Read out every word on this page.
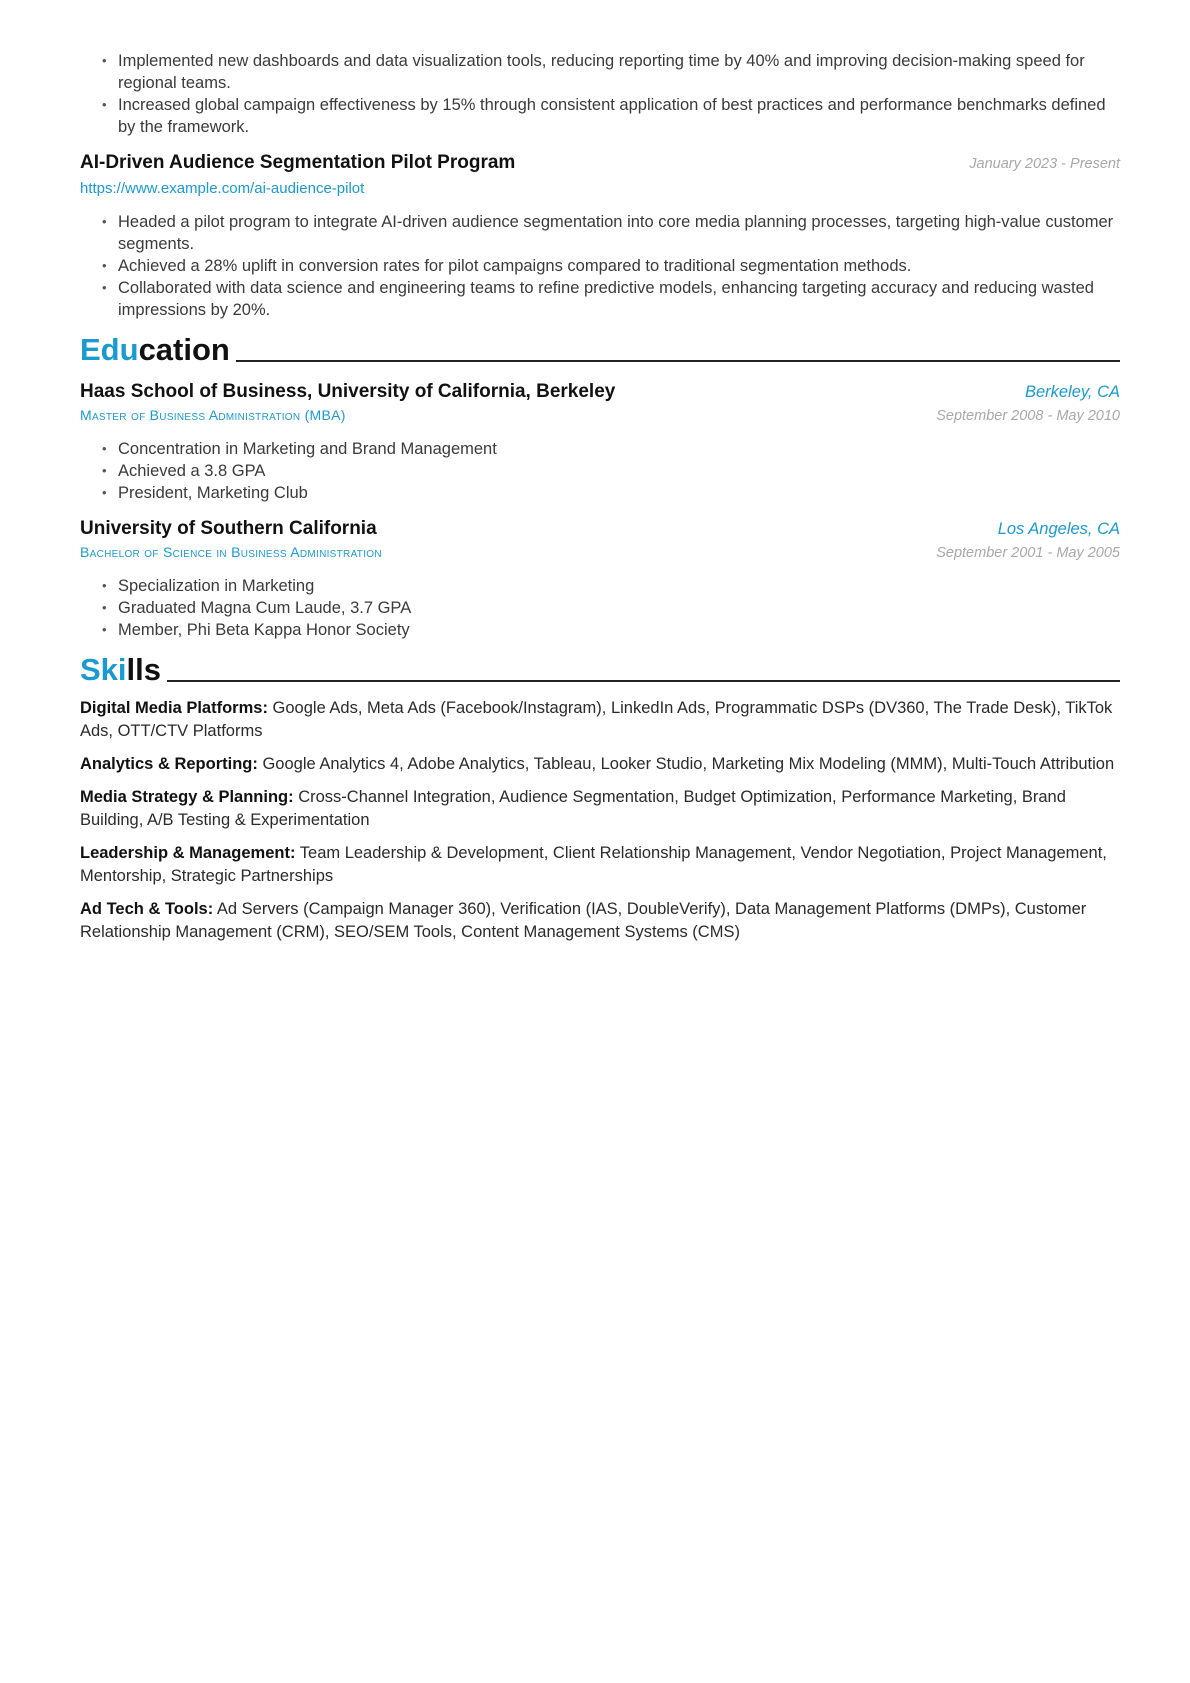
• Implemented new dashboards and data visualization tools, reducing reporting time by 40% and improving decision-making speed for regional teams.
• Increased global campaign effectiveness by 15% through consistent application of best practices and performance benchmarks defined by the framework.
AI-Driven Audience Segmentation Pilot Program	January 2023 - Present
https://www.example.com/ai-audience-pilot
• Headed a pilot program to integrate AI-driven audience segmentation into core media planning processes, targeting high-value customer segments.
• Achieved a 28% uplift in conversion rates for pilot campaigns compared to traditional segmentation methods.
• Collaborated with data science and engineering teams to refine predictive models, enhancing targeting accuracy and reducing wasted impressions by 20%.
Education
Haas School of Business, University of California, Berkeley	Berkeley, CA
Master of Business Administration (MBA)	September 2008 - May 2010
• Concentration in Marketing and Brand Management
• Achieved a 3.8 GPA
• President, Marketing Club
University of Southern California	Los Angeles, CA
Bachelor of Science in Business Administration	September 2001 - May 2005
• Specialization in Marketing
• Graduated Magna Cum Laude, 3.7 GPA
• Member, Phi Beta Kappa Honor Society
Skills

Digital Media Platforms: Google Ads, Meta Ads (Facebook/Instagram), LinkedIn Ads, Programmatic DSPs (DV360, The Trade Desk), TikTok Ads, OTT/CTV Platforms

Analytics & Reporting: Google Analytics 4, Adobe Analytics, Tableau, Looker Studio, Marketing Mix Modeling (MMM), Multi-Touch Attribution

Media Strategy & Planning: Cross-Channel Integration, Audience Segmentation, Budget Optimization, Performance Marketing, Brand Building, A/B Testing & Experimentation

Leadership & Management: Team Leadership & Development, Client Relationship Management, Vendor Negotiation, Project Management, Mentorship, Strategic Partnerships

Ad Tech & Tools: Ad Servers (Campaign Manager 360), Verification (IAS, DoubleVerify), Data Management Platforms (DMPs), Customer Relationship Management (CRM), SEO/SEM Tools, Content Management Systems (CMS)
